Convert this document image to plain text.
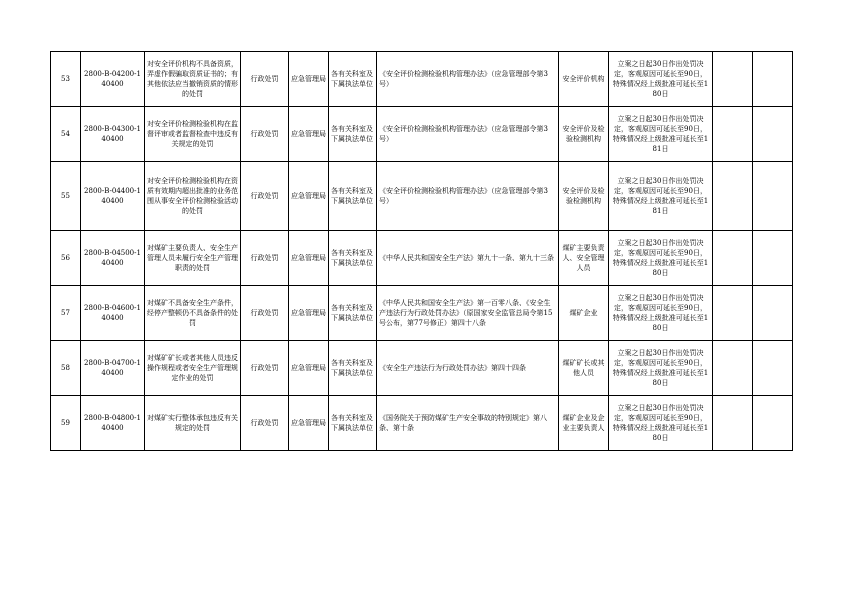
53	2800-B-04200-140400	对安全评价机构不具备资质，弄虚作假骗取资质证书的；有其他依法应当撤销资质的情形的处罚	行政处罚	应急管理局	各有关科室及下属执法单位	《安全评价检测检验机构管理办法》（应急管理部令第3号）	安全评价机构	立案之日起30日作出处罚决定，客观原因可延长至90日，特殊情况经上级批准可延长至180日		
54	2800-B-04300-140400	对安全评价检测检验机构在监督评审或者监督检查中违反有关规定的处罚	行政处罚	应急管理局	各有关科室及下属执法单位	《安全评价检测检验机构管理办法》（应急管理部令第3号）	安全评价及检验检测机构	立案之日起30日作出处罚决定，客观原因可延长至90日，特殊情况经上级批准可延长至181日		
55	2800-B-04400-140400	对安全评价检测检验机构在资质有效期内超出批准的业务范围从事安全评价检测检验活动的处罚	行政处罚	应急管理局	各有关科室及下属执法单位	《安全评价检测检验机构管理办法》（应急管理部令第3号）	安全评价及检验检测机构	立案之日起30日作出处罚决定，客观原因可延长至90日，特殊情况经上级批准可延长至181日		
56	2800-B-04500-140400	对煤矿主要负责人、安全生产管理人员未履行安全生产管理职责的处罚	行政处罚	应急管理局	各有关科室及下属执法单位	《中华人民共和国安全生产法》第九十一条、第九十三条	煤矿主要负责人、安全管理人员	立案之日起30日作出处罚决定，客观原因可延长至90日，特殊情况经上级批准可延长至180日		
57	2800-B-04600-140400	对煤矿不具备安全生产条件，经停产整顿仍不具备条件的处罚	行政处罚	应急管理局	各有关科室及下属执法单位	《中华人民共和国安全生产法》第一百零八条、《安全生产违法行为行政处罚办法》（原国家安全监管总局令第15号公布，第77号修正）第四十八条	煤矿企业	立案之日起30日作出处罚决定，客观原因可延长至90日，特殊情况经上级批准可延长至180日		
58	2800-B-04700-140400	对煤矿矿长或者其他人员违反操作规程或者安全生产管理规定作业的处罚	行政处罚	应急管理局	各有关科室及下属执法单位	《安全生产违法行为行政处罚办法》第四十四条	煤矿矿长或其他人员	立案之日起30日作出处罚决定，客观原因可延长至90日，特殊情况经上级批准可延长至180日		
59	2800-B-04800-140400	对煤矿实行整体承包违反有关规定的处罚	行政处罚	应急管理局	各有关科室及下属执法单位	《国务院关于预防煤矿生产安全事故的特别规定》第八条、第十条	煤矿企业及企业主要负责人	立案之日起30日作出处罚决定，客观原因可延长至90日，特殊情况经上级批准可延长至180日		
